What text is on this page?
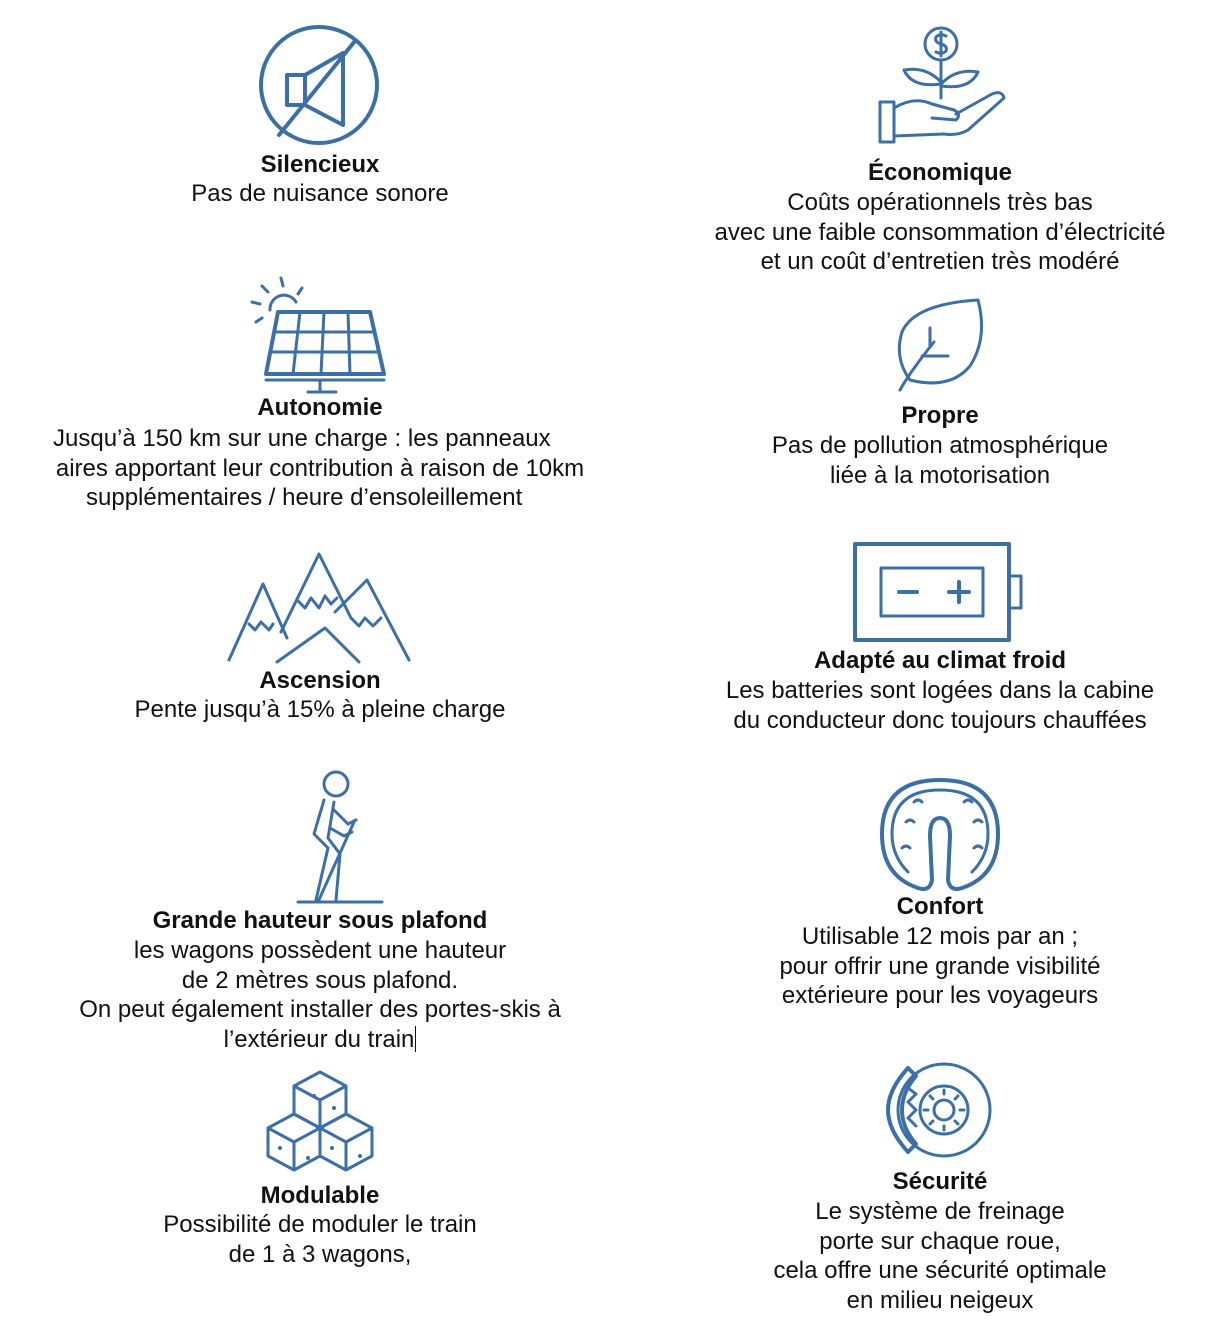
Silencieux
Pas de nuisance sonore
Économique
Coûts opérationnels très bas
avec une faible consommation d’électricité
et un coût d’entretien très modéré
Autonomie
Jusqu’à 150 km sur une charge : les panneaux
aires apportant leur contribution à raison de 10km
supplémentaires / heure d’ensoleillement
Propre
Pas de pollution atmosphérique
liée à la motorisation
Ascension
Pente jusqu’à 15% à pleine charge
Adapté au climat froid
Les batteries sont logées dans la cabine
du conducteur donc toujours chauffées
Grande hauteur sous plafond
les wagons possèdent une hauteur
de 2 mètres sous plafond.
On peut également installer des portes-skis à
l’extérieur du train
Confort
Utilisable 12 mois par an ;
pour offrir une grande visibilité
extérieure pour les voyageurs
Modulable
Possibilité de moduler le train
de 1 à 3 wagons,
Sécurité
Le système de freinage
porte sur chaque roue,
cela offre une sécurité optimale
en milieu neigeux
